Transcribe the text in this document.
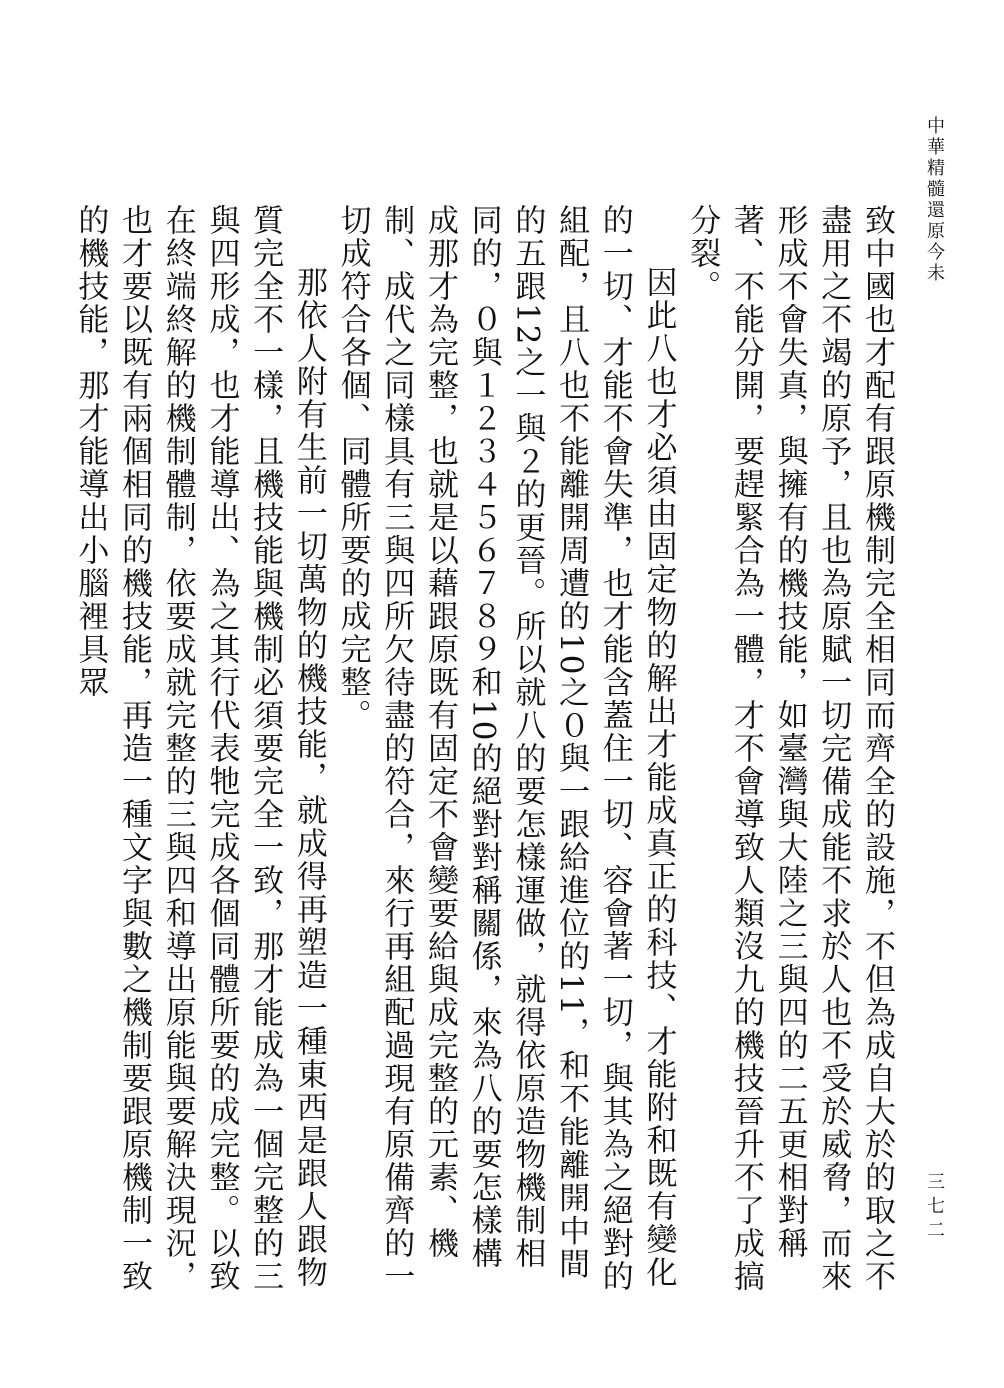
中華精髓還原今未
三七二

致中國也才配有跟原機制完全相同而齊全的設施，不但為成自大於的取之不盡用之不竭的原予，且也為原賦一切完備成能不求於人也不受於威脅，而來形成不會失真，與擁有的機技能，如臺灣與大陸之三與四的二五更相對稱著、不能分開，要趕緊合為一體，才不會導致人類沒九的機技晉升不了成搞分裂。

因此八也才必須由固定物的解出才能成真正的科技、才能附和既有變化的一切、才能不會失準，也才能含蓋住一切、容會著一切，與其為之絕對的組配，且八也不能離開周遭的10之０與一跟給進位的11，和不能離開中間的五跟12之一與２的更晉。所以就八的要怎樣運做，就得依原造物機制相同的，０與１２３４５６７８９和10的絕對對稱關係，來為八的要怎樣構成那才為完整，也就是以藉跟原既有固定不會變要給與成完整的元素、機制、成代之同樣具有三與四所欠待盡的符合，來行再組配過現有原備齊的一切成符合各個、同體所要的成完整。

那依人附有生前一切萬物的機技能，就成得再塑造一種東西是跟人跟物質完全不一樣，且機技能與機制必須要完全一致，那才能成為一個完整的三與四形成，也才能導出、為之其行代表牠完成各個同體所要的成完整。以致在終端終解的機制體制，依要成就完整的三與四和導出原能與要解決現況，也才要以既有兩個相同的機技能，再造一種文字與數之機制要跟原機制一致的機技能，那才能導出小腦裡具眾
